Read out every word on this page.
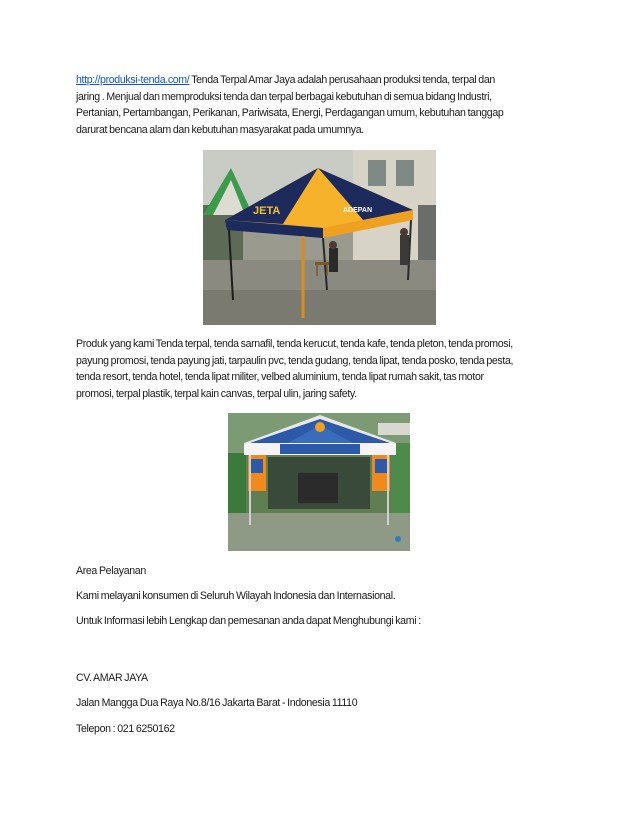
http://produksi-tenda.com/ Tenda Terpal Amar Jaya adalah perusahaan produksi tenda, terpal dan
jaring . Menjual dan memproduksi tenda dan terpal berbagai kebutuhan di semua bidang Industri,
Pertanian, Pertambangan, Perikanan, Pariwisata, Energi, Perdagangan umum, kebutuhan tanggap
darurat bencana alam dan kebutuhan masyarakat pada umumnya.

JETA	ADEPAN

Produk yang kami Tenda terpal, tenda sarnafil, tenda kerucut, tenda kafe, tenda pleton, tenda promosi,
payung promosi, tenda payung jati, tarpaulin pvc, tenda gudang, tenda lipat, tenda posko, tenda pesta,
tenda resort, tenda hotel, tenda lipat militer, velbed aluminium, tenda lipat rumah sakit, tas motor
promosi, terpal plastik, terpal kain canvas, terpal ulin, jaring safety.

Area Pelayanan

Kami melayani konsumen di Seluruh Wilayah Indonesia dan Internasional.

Untuk Informasi lebih Lengkap dan pemesanan anda dapat Menghubungi kami :

CV. AMAR JAYA

Jalan Mangga Dua Raya No.8/16 Jakarta Barat - Indonesia 11110

Telepon : 021 6250162
